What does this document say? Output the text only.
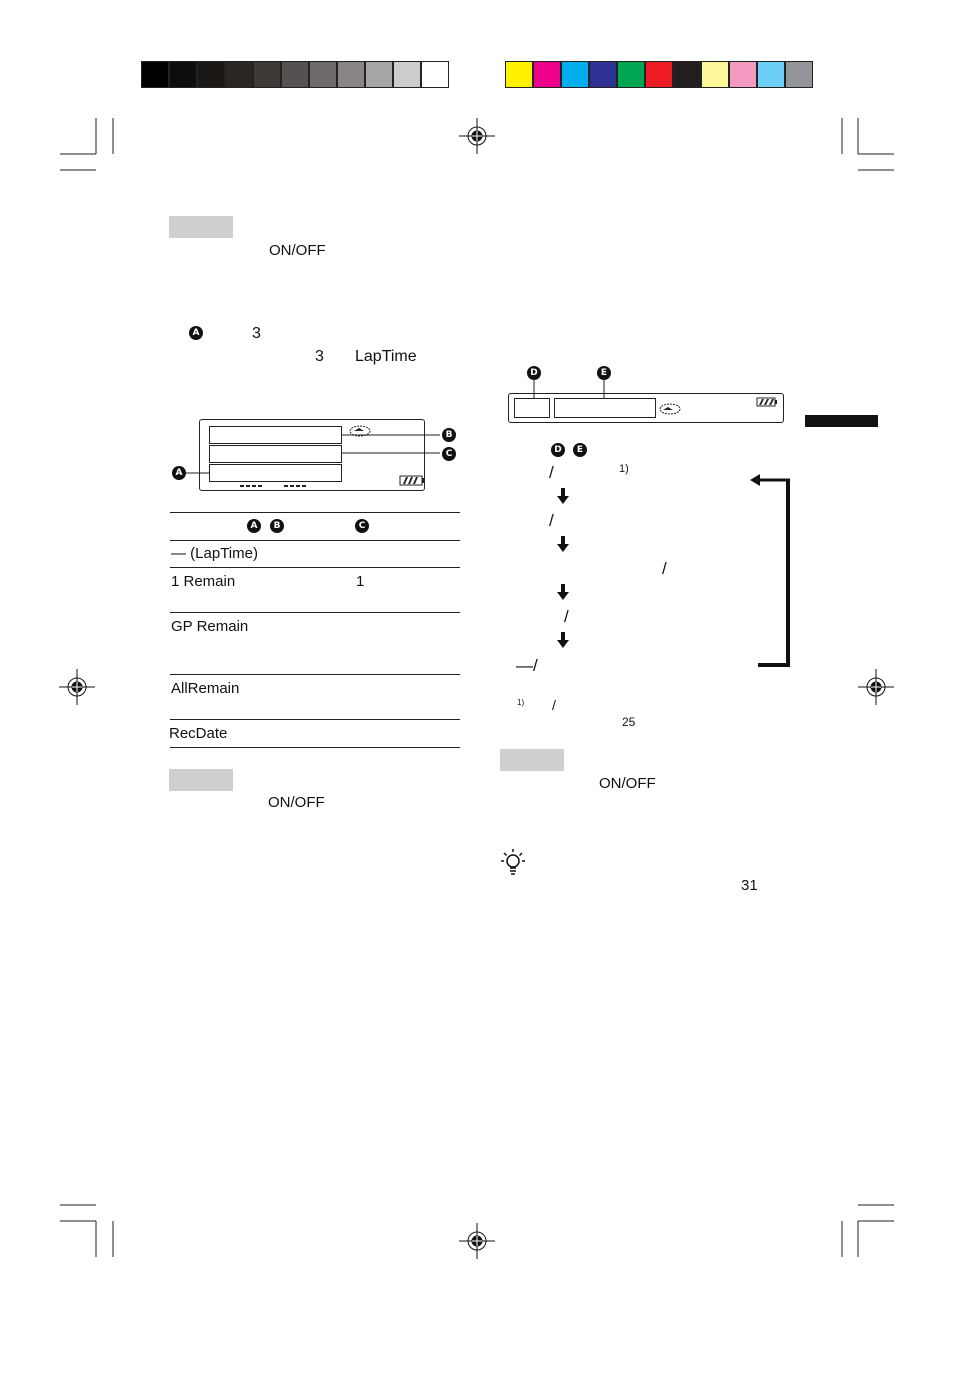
ON/OFF
A	3
3 LapTime
B
C
A
A	B	C
— (LapTime)
1 Remain	1
GP Remain
AllRemain
RecDate
ON/OFF
D	E
D	E
/	1)
/
/
/
—/
1) /
25
ON/OFF
31
